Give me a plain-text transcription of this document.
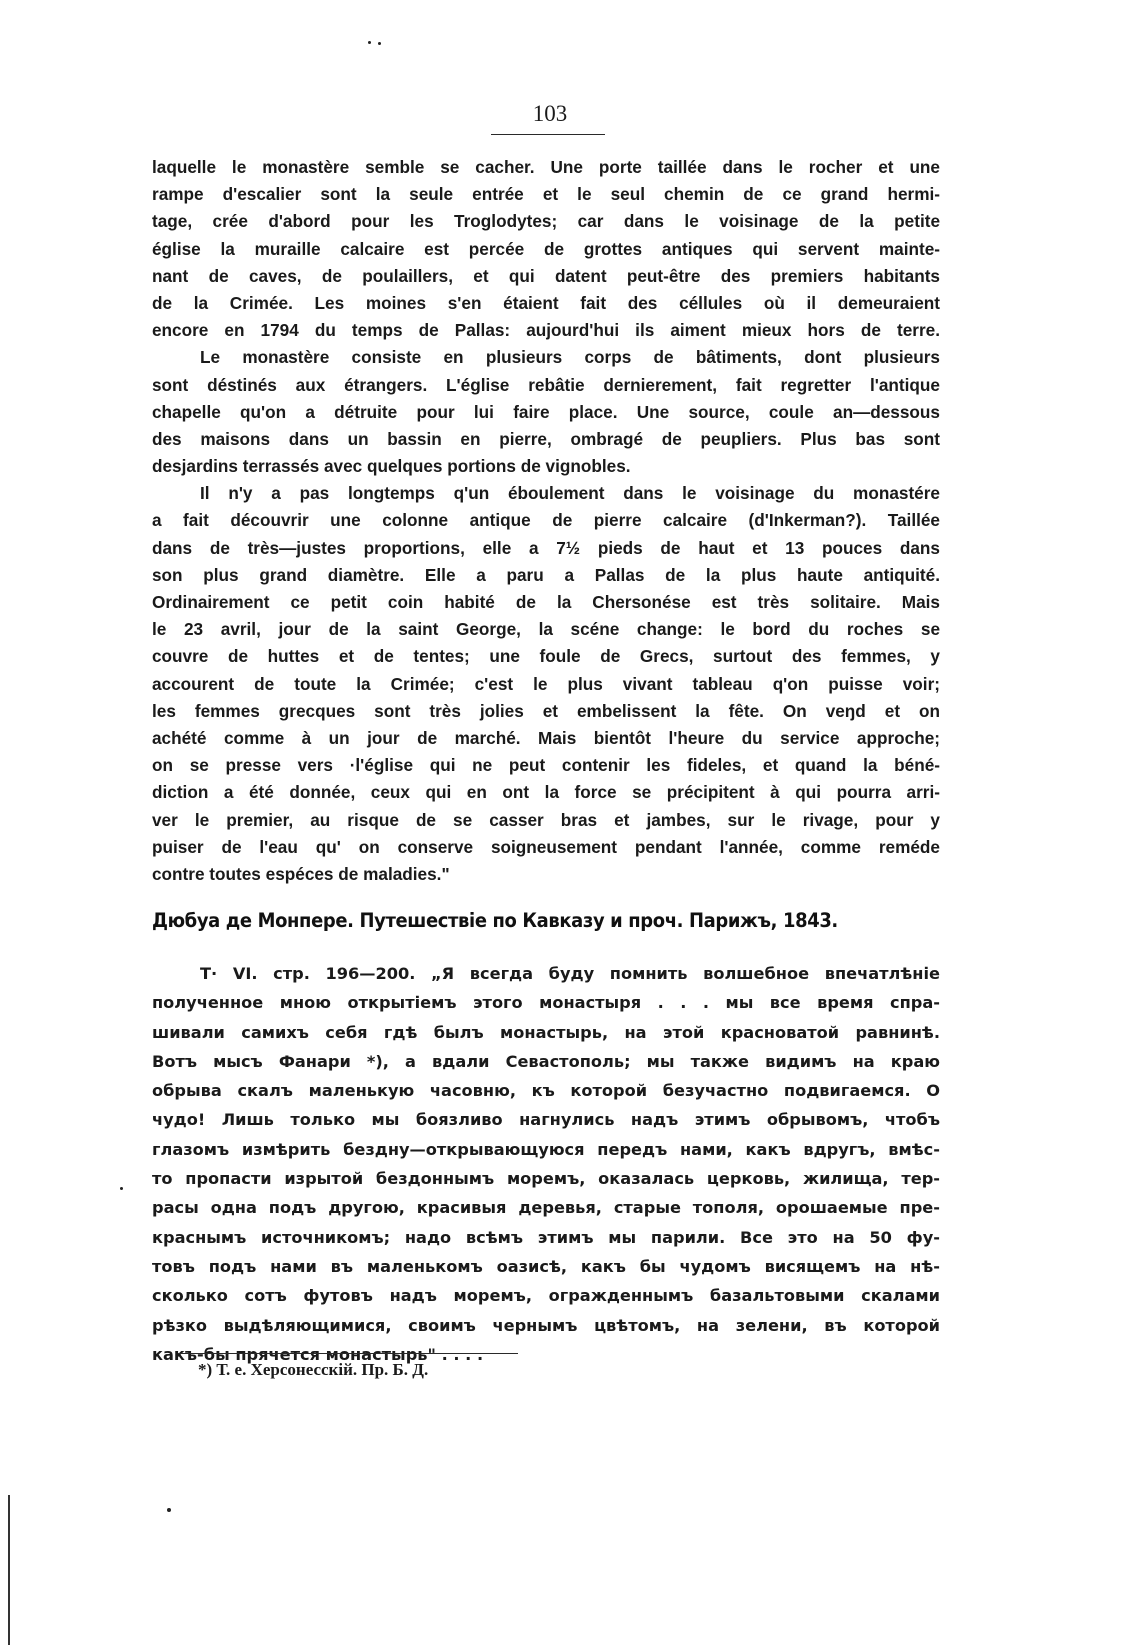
103
laquelle le monastère semble se cacher. Une porte taillée dans le rocher et une
rampe d'escalier sont la seule entrée et le seul chemin de ce grand hermi-
tage, crée d'abord pour les Troglodytes; car dans le voisinage de la petite
église la muraille calcaire est percée de grottes antiques qui servent mainte-
nant de caves, de poulaillers, et qui datent peut-être des premiers habitants
de la Crimée. Les moines s'en étaient fait des céllules où il demeuraient
encore en 1794 du temps de Pallas: aujourd'hui ils aiment mieux hors de terre.
Le monastère consiste en plusieurs corps de bâtiments, dont plusieurs
sont déstinés aux étrangers. L'église rebâtie dernierement, fait regretter l'antique
chapelle qu'on a détruite pour lui faire place. Une source, coule an—dessous
des maisons dans un bassin en pierre, ombragé de peupliers. Plus bas sont
desjardins terrassés avec quelques portions de vignobles.
Il n'y a pas longtemps q'un éboulement dans le voisinage du monastére
a fait découvrir une colonne antique de pierre calcaire (d'Inkerman?). Taillée
dans de très—justes proportions, elle a 7½ pieds de haut et 13 pouces dans
son plus grand diamètre. Elle a paru a Pallas de la plus haute antiquité.
Ordinairement ce petit coin habité de la Chersonése est très solitaire. Mais
le 23 avril, jour de la saint George, la scéne change: le bord du roches se
couvre de huttes et de tentes; une foule de Grecs, surtout des femmes, y
accourent de toute la Crimée; c'est le plus vivant tableau q'on puisse voir;
les femmes grecques sont très jolies et embelissent la fête. On veŋd et on
achété comme à un jour de marché. Mais bientôt l'heure du service approche;
on se presse vers ·l'église qui ne peut contenir les fideles, et quand la béné-
diction a été donnée, ceux qui en ont la force se précipitent à qui pourra arri-
ver le premier, au risque de se casser bras et jambes, sur le rivage, pour y
puiser de l'eau qu' on conserve soigneusement pendant l'année, comme reméde
contre toutes espéces de maladies."
Дюбуа де Монпере. Путешествіе по Кавказу и проч. Парижъ, 1843.
Т· VI. стр. 196—200. „Я всегда буду помнить волшебное впечатлѣніе
полученное мною открытіемъ этого монастыря . . . мы все время спра-
шивали самихъ себя гдѣ былъ монастырь, на этой красноватой равнинѣ.
Вотъ мысъ Фанари *), а вдали Севастополь; мы также видимъ на краю
обрыва скалъ маленькую часовню, къ которой безучастно подвигаемся. О
чудо! Лишь только мы боязливо нагнулись надъ этимъ обрывомъ, чтобъ
глазомъ измѣрить бездну—открывающуюся передъ нами, какъ вдругъ, вмѣс-
то пропасти изрытой бездоннымъ моремъ, оказалась церковь, жилища, тер-
расы одна подъ другою, красивыя деревья, старые тополя, орошаемые пре-
краснымъ источникомъ; надо всѣмъ этимъ мы парили. Все это на 50 фу-
товъ подъ нами въ маленькомъ оазисѣ, какъ бы чудомъ висящемъ на нѣ-
сколько сотъ футовъ надъ моремъ, огражденнымъ базальтовыми скалами
рѣзко выдѣляющимися, своимъ чернымъ цвѣтомъ, на зелени, въ которой
какъ-бы прячется монастырь" . . . .
*) Т. е. Херсонесскій. Пр. Б. Д.
